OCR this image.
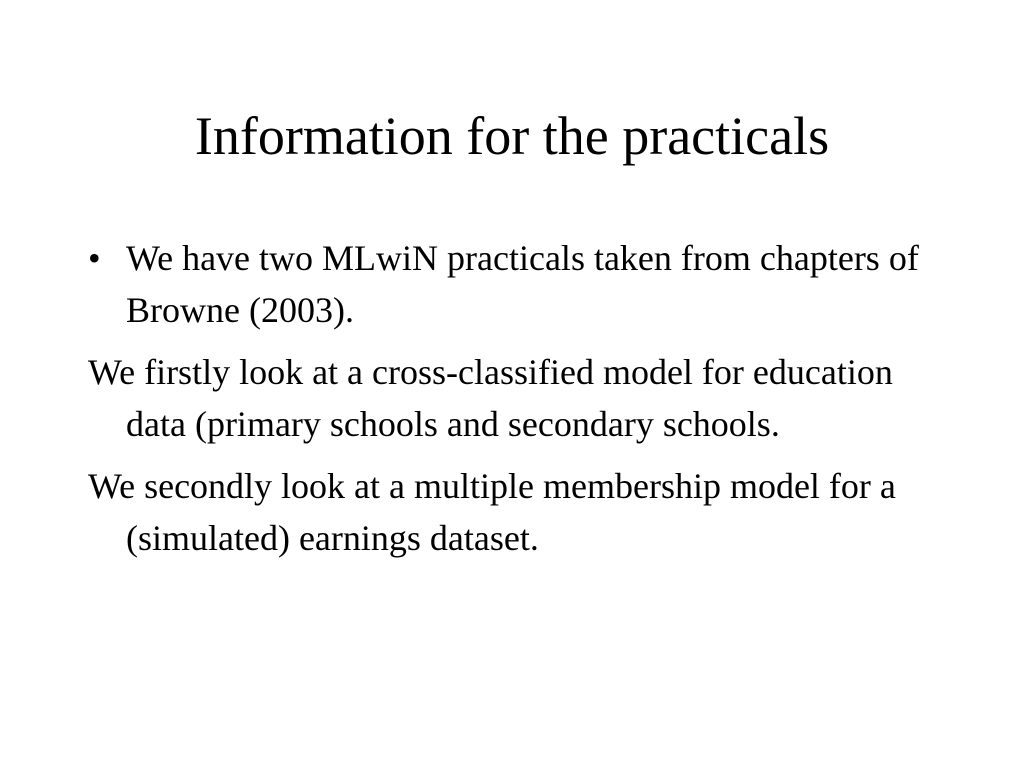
Information for the practicals

• We have two MLwiN practicals taken from chapters of Browne (2003).

We firstly look at a cross-classified model for education data (primary schools and secondary schools.

We secondly look at a multiple membership model for a (simulated) earnings dataset.
